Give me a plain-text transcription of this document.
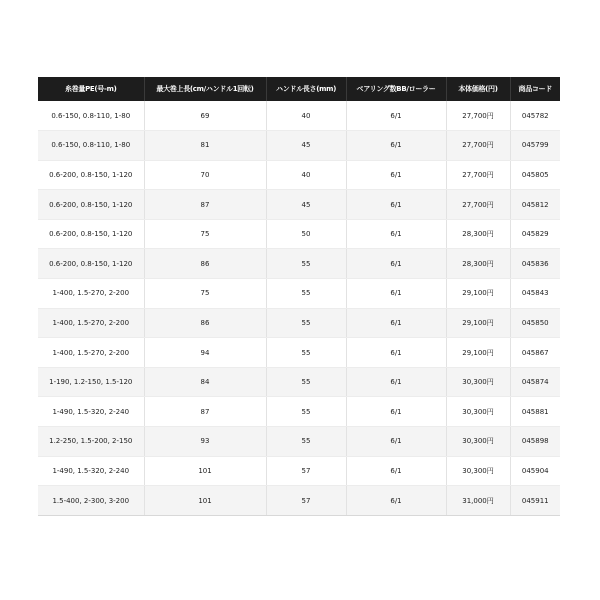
糸巻量PE(号-m)	最大巻上長(cm/ハンドル1回転)	ハンドル長さ(mm)	ベアリング数BB/ローラー	本体価格(円)	商品コード
0.6-150, 0.8-110, 1-80	69	40	6/1	27,700円	045782
0.6-150, 0.8-110, 1-80	81	45	6/1	27,700円	045799
0.6-200, 0.8-150, 1-120	70	40	6/1	27,700円	045805
0.6-200, 0.8-150, 1-120	87	45	6/1	27,700円	045812
0.6-200, 0.8-150, 1-120	75	50	6/1	28,300円	045829
0.6-200, 0.8-150, 1-120	86	55	6/1	28,300円	045836
1-400, 1.5-270, 2-200	75	55	6/1	29,100円	045843
1-400, 1.5-270, 2-200	86	55	6/1	29,100円	045850
1-400, 1.5-270, 2-200	94	55	6/1	29,100円	045867
1-190, 1.2-150, 1.5-120	84	55	6/1	30,300円	045874
1-490, 1.5-320, 2-240	87	55	6/1	30,300円	045881
1.2-250, 1.5-200, 2-150	93	55	6/1	30,300円	045898
1-490, 1.5-320, 2-240	101	57	6/1	30,300円	045904
1.5-400, 2-300, 3-200	101	57	6/1	31,000円	045911
